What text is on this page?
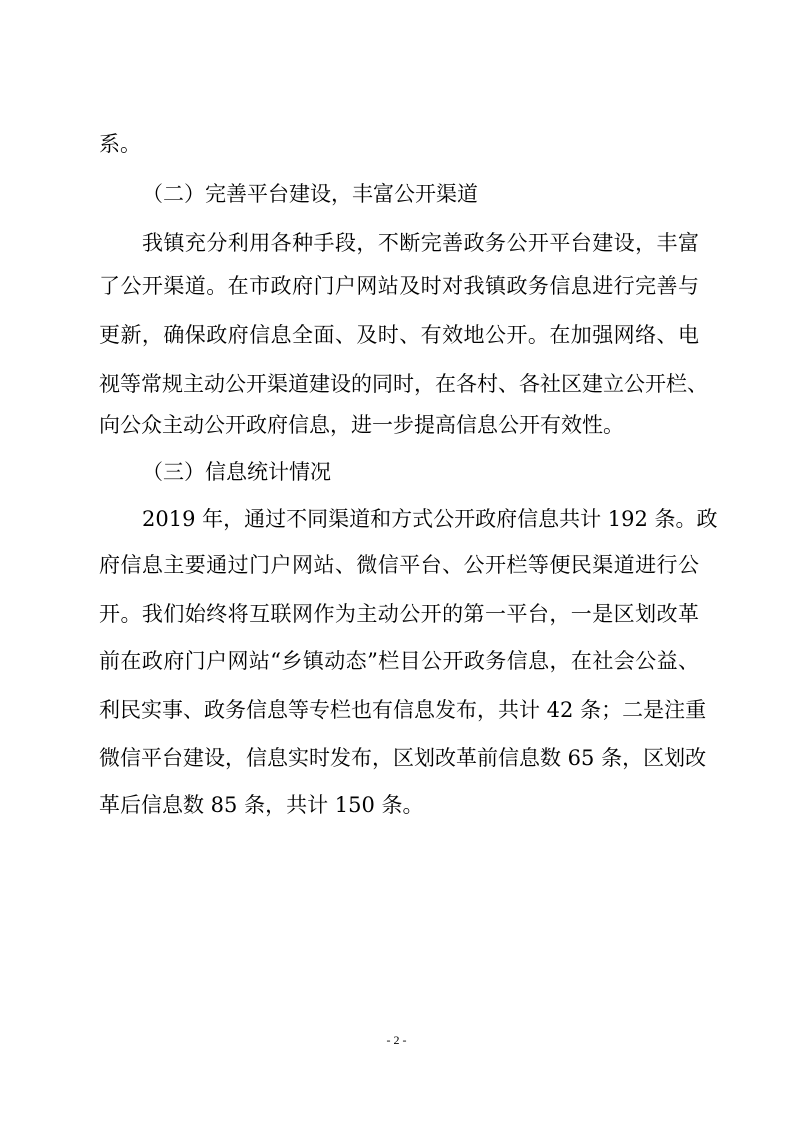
系。

（二）完善平台建设，丰富公开渠道

我镇充分利用各种手段，不断完善政务公开平台建设，丰富

了公开渠道。在市政府门户网站及时对我镇政务信息进行完善与

更新，确保政府信息全面、及时、有效地公开。在加强网络、电

视等常规主动公开渠道建设的同时，在各村、各社区建立公开栏、

向公众主动公开政府信息，进一步提高信息公开有效性。

（三）信息统计情况

2019 年，通过不同渠道和方式公开政府信息共计 192 条。政

府信息主要通过门户网站、微信平台、公开栏等便民渠道进行公

开。我们始终将互联网作为主动公开的第一平台，一是区划改革

前在政府门户网站“乡镇动态”栏目公开政务信息，在社会公益、

利民实事、政务信息等专栏也有信息发布，共计 42 条；二是注重

微信平台建设，信息实时发布，区划改革前信息数 65 条，区划改

革后信息数 85 条，共计 150 条。

- 2 -
